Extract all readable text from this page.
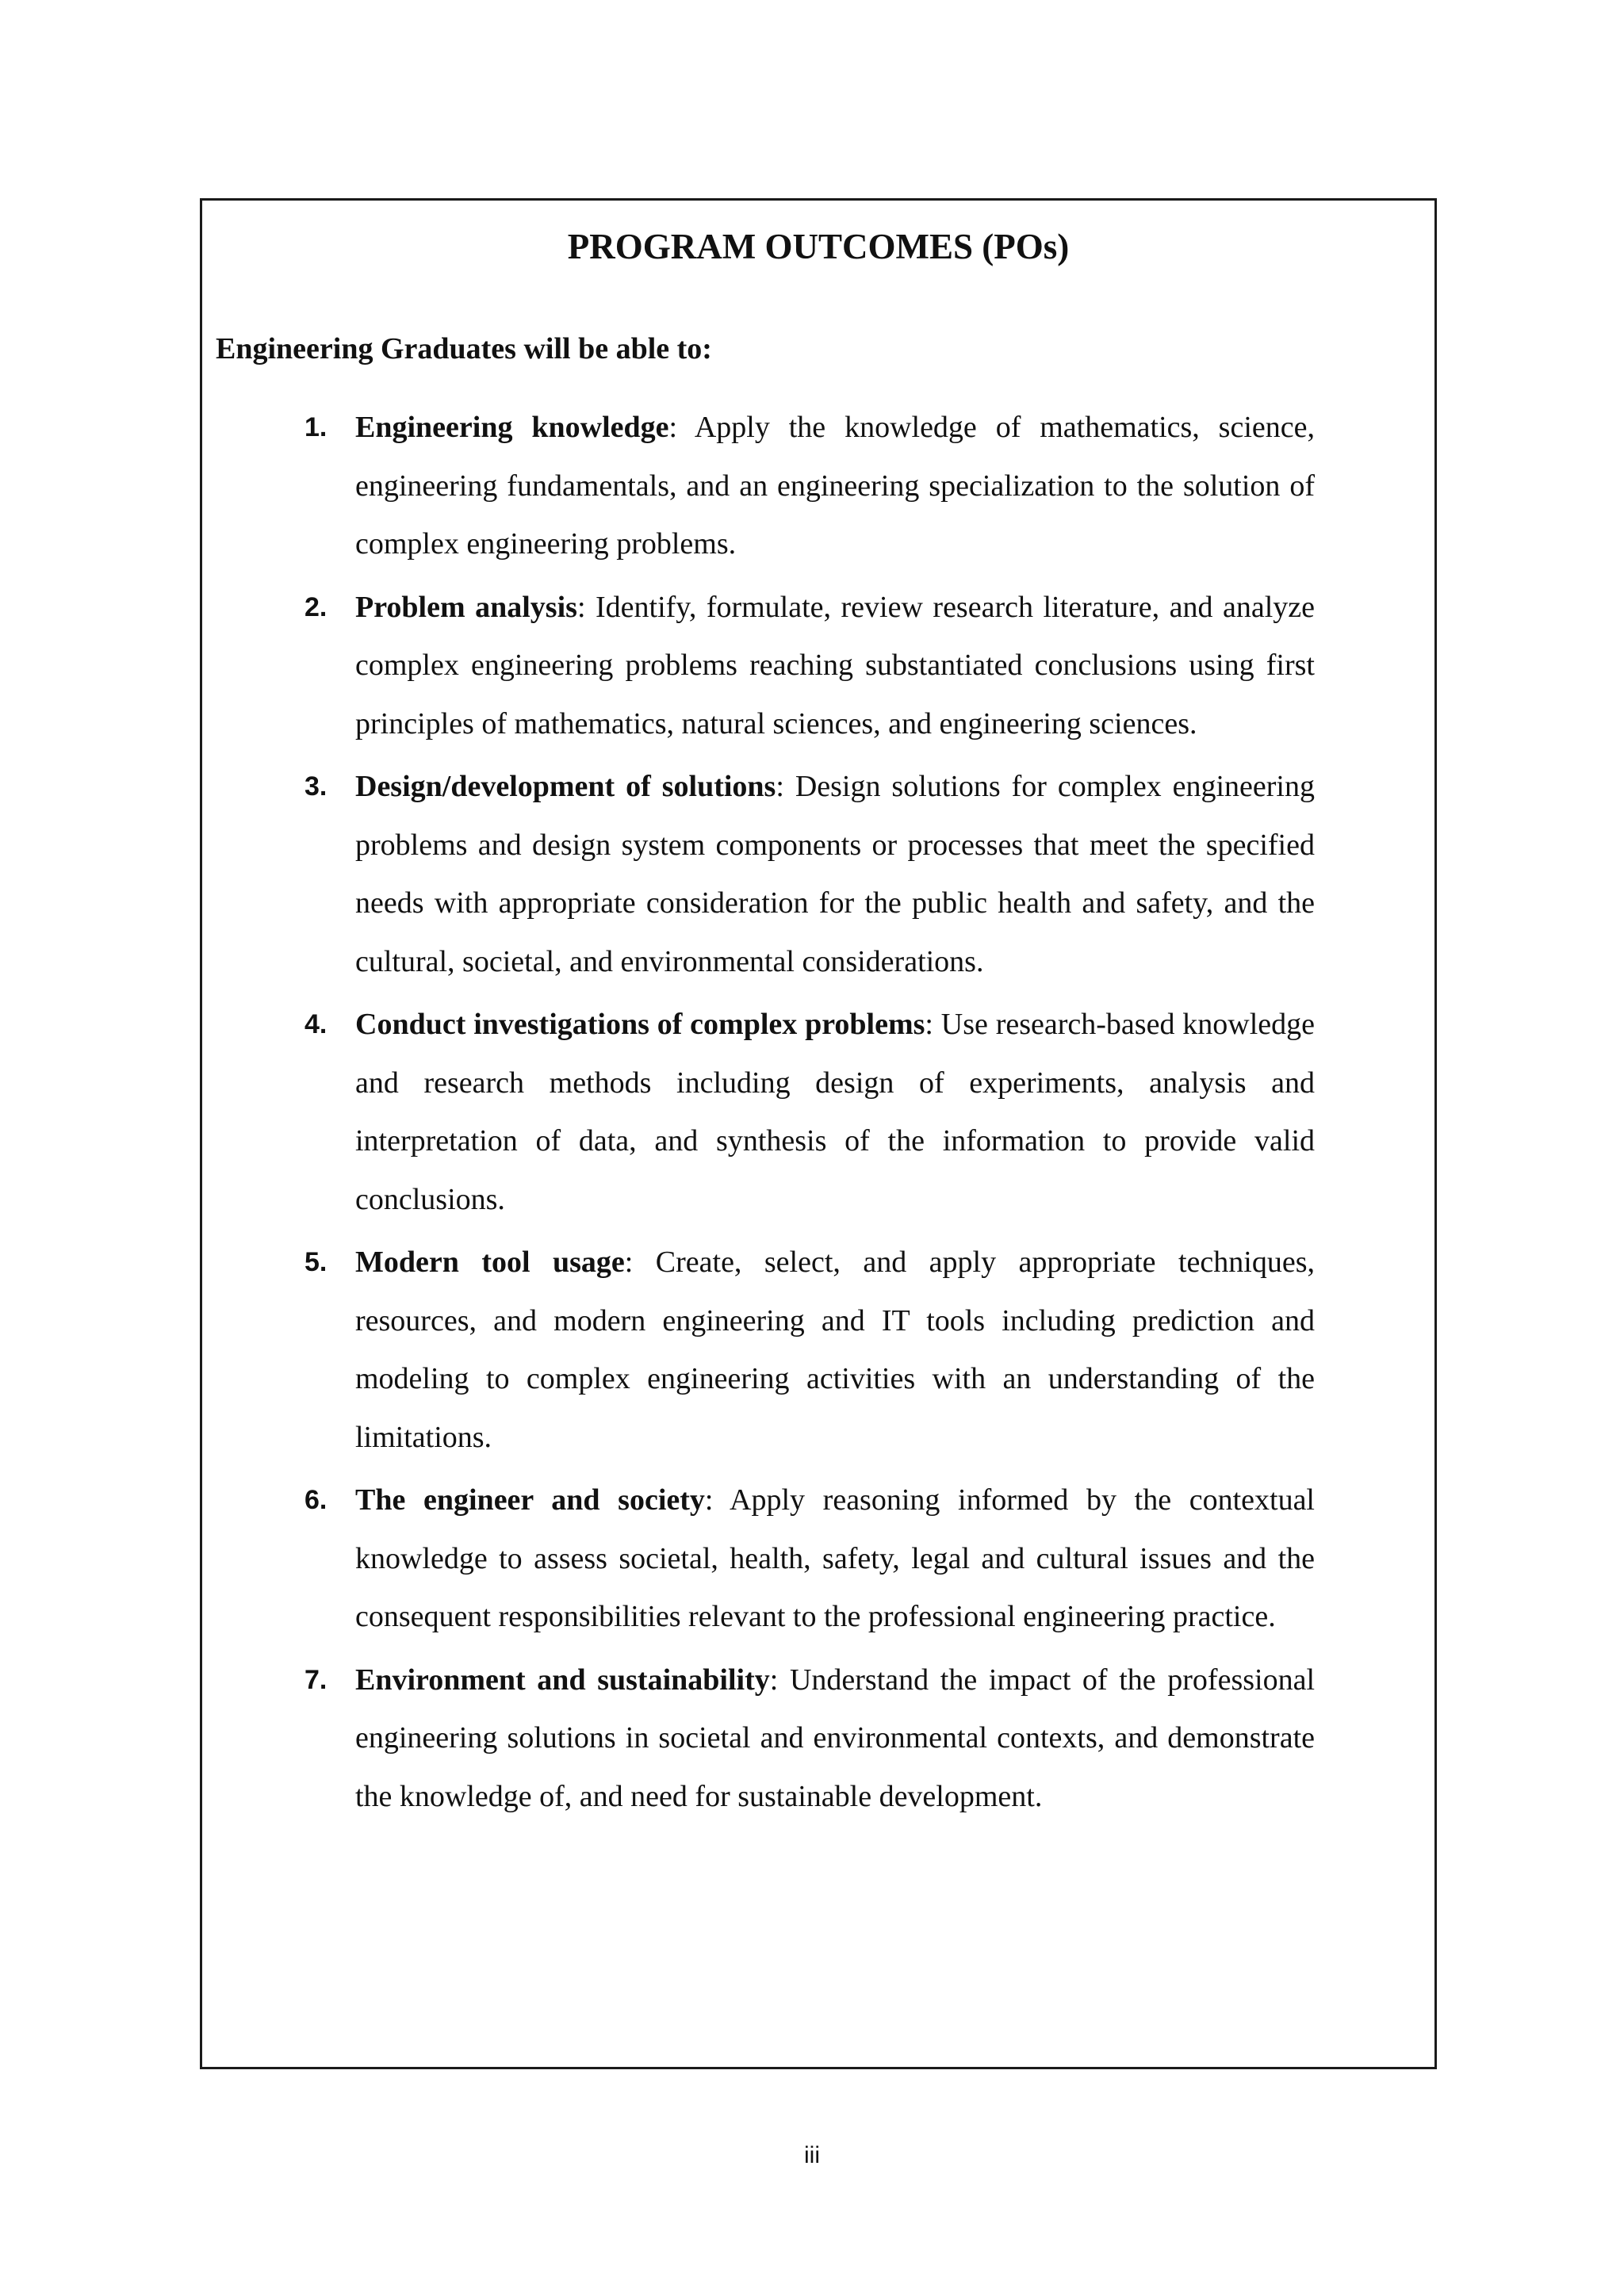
PROGRAM OUTCOMES (POs)

Engineering Graduates will be able to:

1. Engineering knowledge: Apply the knowledge of mathematics, science, engineering fundamentals, and an engineering specialization to the solution of complex engineering problems.
2. Problem analysis: Identify, formulate, review research literature, and analyze complex engineering problems reaching substantiated conclusions using first principles of mathematics, natural sciences, and engineering sciences.
3. Design/development of solutions: Design solutions for complex engineering problems and design system components or processes that meet the specified needs with appropriate consideration for the public health and safety, and the cultural, societal, and environmental considerations.
4. Conduct investigations of complex problems: Use research-based knowledge and research methods including design of experiments, analysis and interpretation of data, and synthesis of the information to provide valid conclusions.
5. Modern tool usage: Create, select, and apply appropriate techniques, resources, and modern engineering and IT tools including prediction and modeling to complex engineering activities with an understanding of the limitations.
6. The engineer and society: Apply reasoning informed by the contextual knowledge to assess societal, health, safety, legal and cultural issues and the consequent responsibilities relevant to the professional engineering practice.
7. Environment and sustainability: Understand the impact of the professional engineering solutions in societal and environmental contexts, and demonstrate the knowledge of, and need for sustainable development.
iii
